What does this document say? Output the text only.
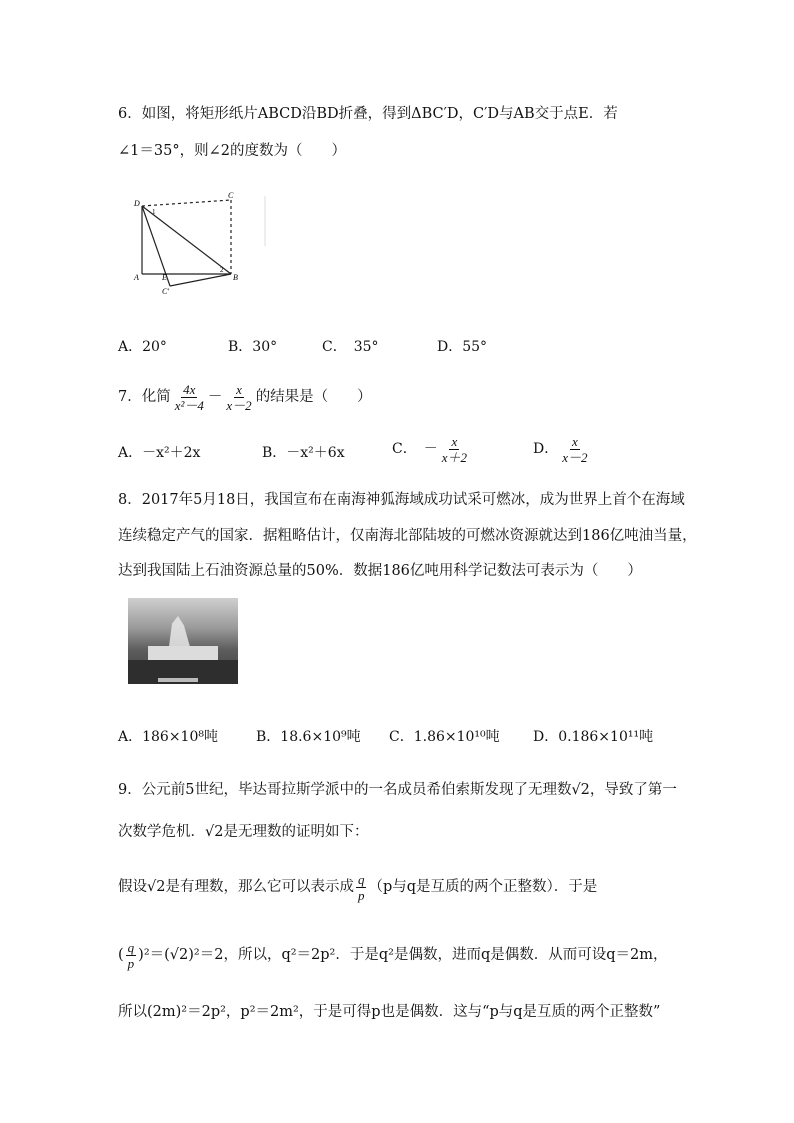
6．如图，将矩形纸片ABCD沿BD折叠，得到ΔBC′D，C′D与AB交于点E．若
∠1＝35°，则∠2的度数为（　　）
D
C
A	E	B
C′
1
2
A．20°	B．30°	C．　35°	D．55°
7．化简 $\frac{4x}{\text{x²－4}} - \frac{x}{x-2}$ 的结果是（　　）
A．－x²＋2x	B．－x²＋6x	C．　－ $\frac{x}{x+2}$	D． $\frac{x}{x-2}$
8．2017年5月18日，我国宣布在南海神狐海域成功试采可燃冰，成为世界上首个在海域
连续稳定产气的国家．据粗略估计，仅南海北部陆坡的可燃冰资源就达到186亿吨油当量，
达到我国陆上石油资源总量的50%．数据186亿吨用科学记数法可表示为（　　）
A．186×10⁸吨	B．18.6×10⁹吨 C．1.86×10¹⁰吨 D．0.186×10¹¹吨
9．公元前5世纪，毕达哥拉斯学派中的一名成员希伯索斯发现了无理数√2，导致了第一
次数学危机．√2是无理数的证明如下：
假设√2是有理数，那么它可以表示成 $\frac{q}{p} (p$与q是互质的两个正整数）．于是
( $\frac{q}{p} )^2=(√2)^2=2$，所以，q²＝2p²．于是q²是偶数，进而q是偶数．从而可设q＝2m，
所以(2m)²＝2p²，p²＝2m²，于是可得p也是偶数．这与“p与q是互质的两个正整数”
